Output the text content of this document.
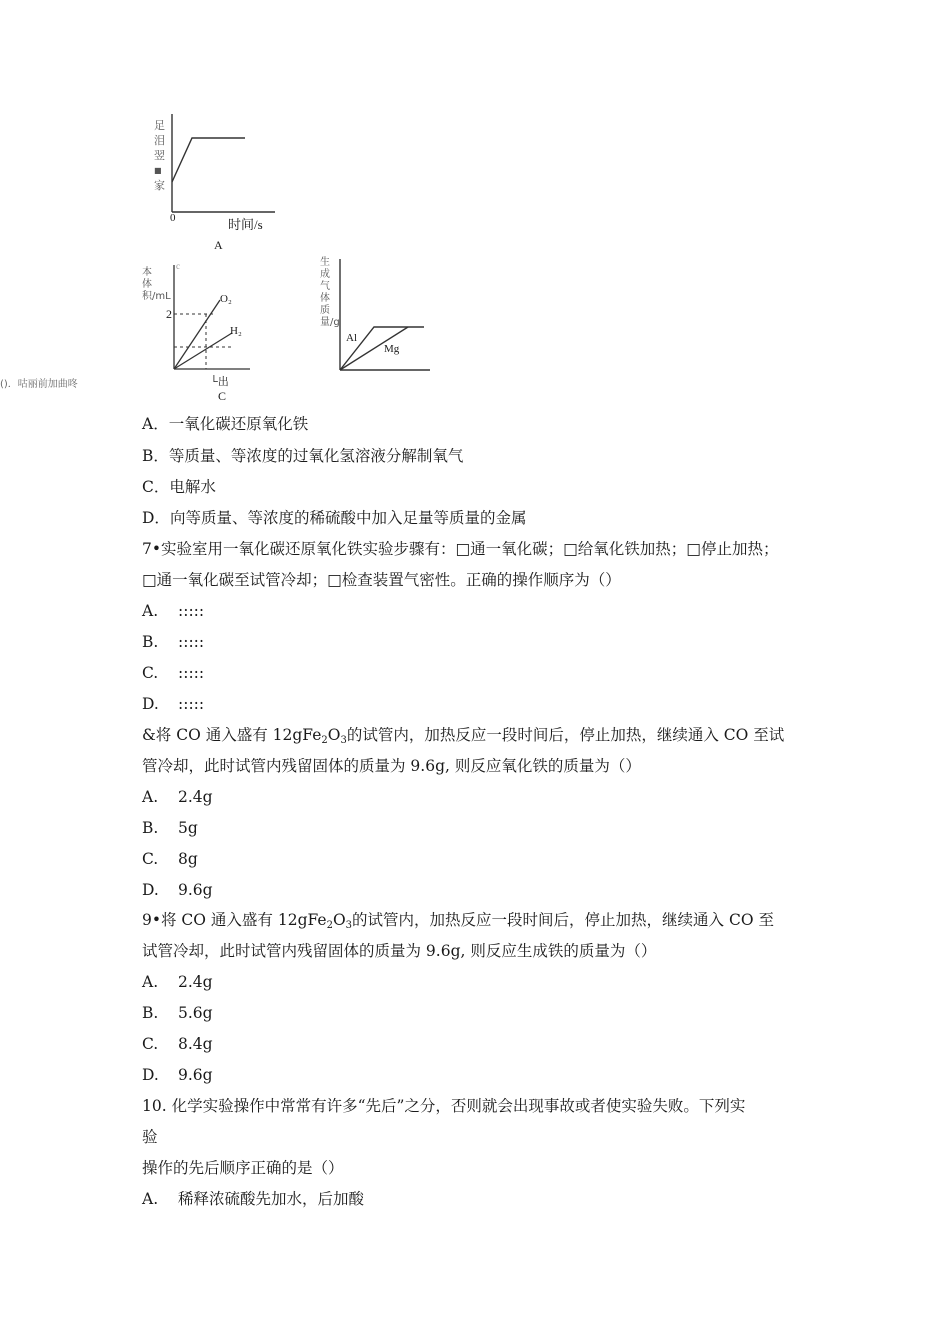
足
泪
翌
■
家
0	时间/s
A
本体积/mL
2
O₂
H₂
c
└出
C
生成气体质量/g
Al
Mg
()．咕丽前加曲咚
A．一氧化碳还原氧化铁
B．等质量、等浓度的过氧化氢溶液分解制氧气
C．电解水
D．向等质量、等浓度的稀硫酸中加入足量等质量的金属
7•实验室用一氧化碳还原氧化铁实验步骤有：□通一氧化碳；□给氧化铁加热；□停止加热；
□通一氧化碳至试管冷却；□检查装置气密性。正确的操作顺序为（）
A. :::::
B. :::::
C. :::::
D. :::::
&将 CO 通入盛有 $12gFe_2O_3$的试管内，加热反应一段时间后，停止加热，继续通入 CO 至试
管冷却，此时试管内残留固体的质量为 9.6g, 则反应氧化铁的质量为（）
A. 2.4g
B. 5g
C. 8g
D. 9.6g
9•将 CO 通入盛有 $12gFe_2O_3$的试管内，加热反应一段时间后，停止加热，继续通入 CO 至
试管冷却，此时试管内残留固体的质量为 9.6g, 则反应生成铁的质量为（）
A. 2.4g
B. 5.6g
C. 8.4g
D. 9.6g
10. 化学实验操作中常常有许多“先后”之分，否则就会出现事故或者使实验失败。下列实
验
操作的先后顺序正确的是（）
A. 稀释浓硫酸先加水，后加酸
